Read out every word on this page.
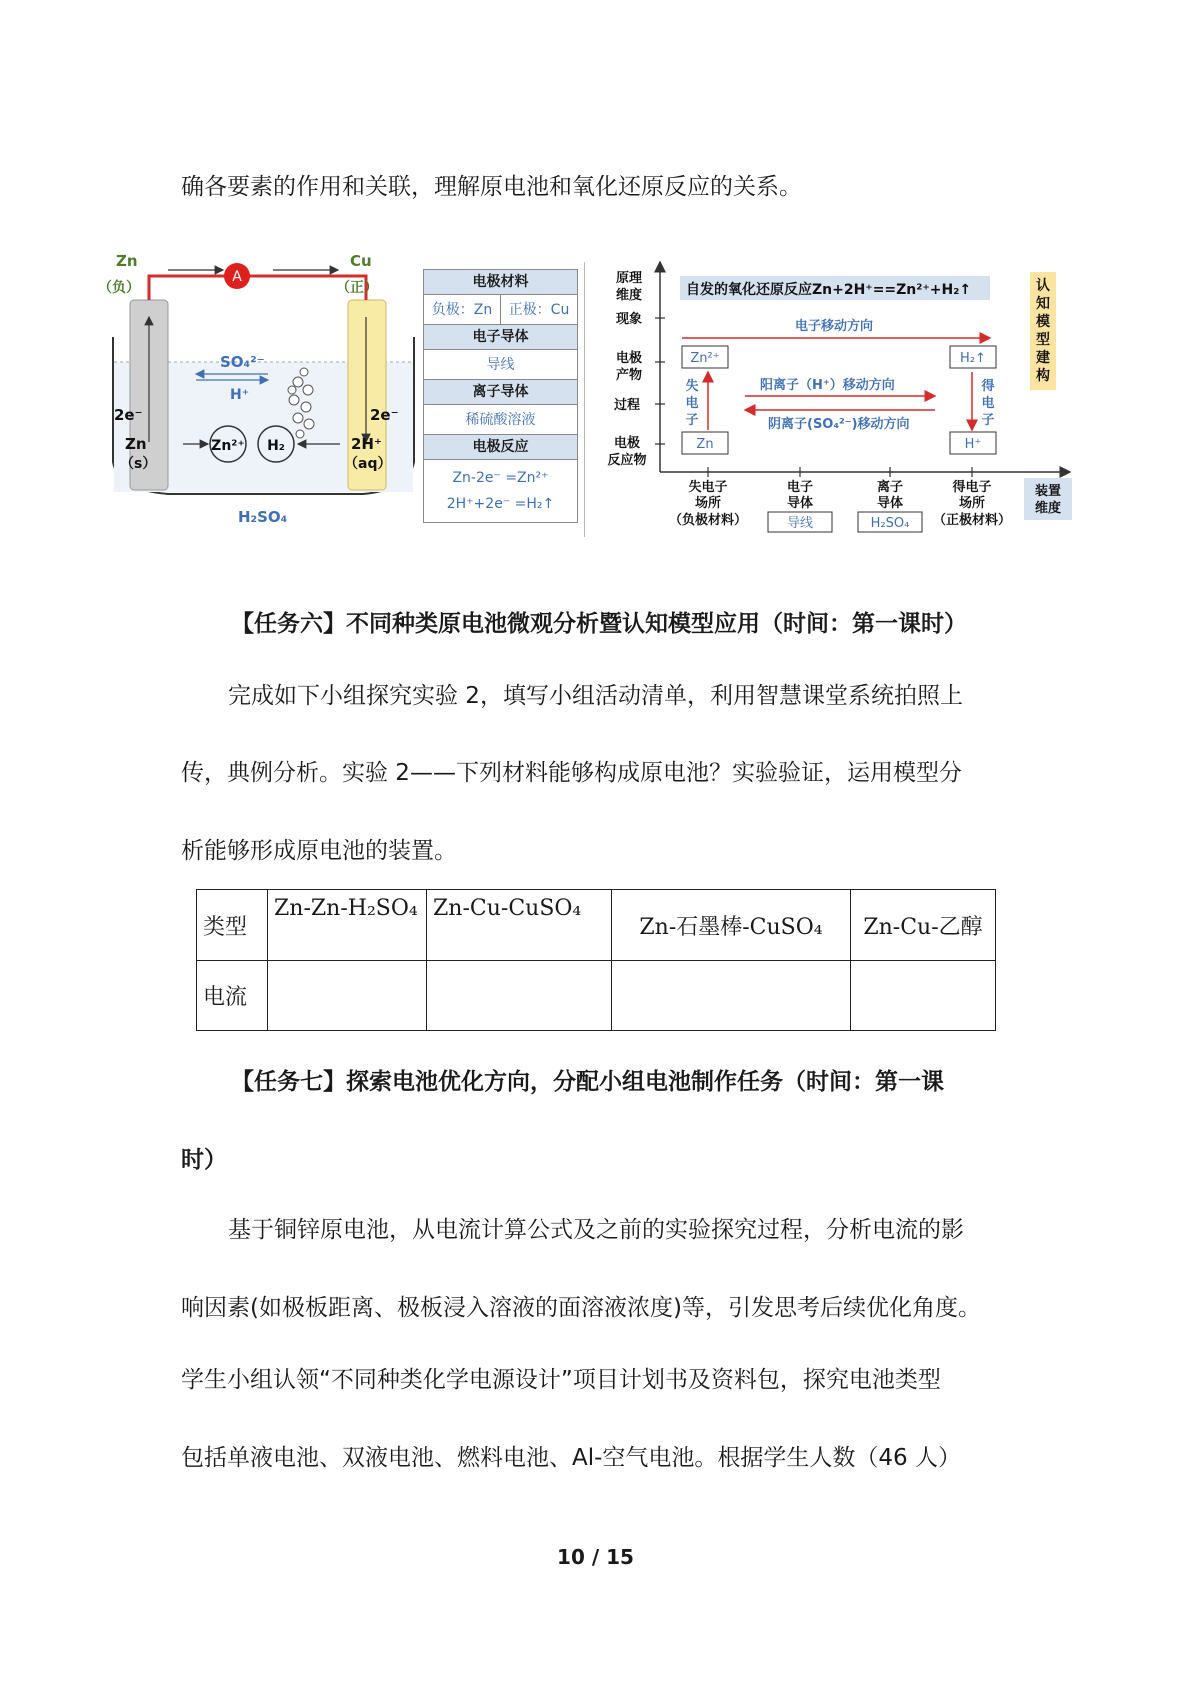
确各要素的作用和关联，理解原电池和氧化还原反应的关系。

A
Zn
（负）
Cu
（正）
SO₄²⁻
H⁺
2e⁻	2e⁻
Zn
（s）
Zn²⁺ H₂	2H⁺
（aq）
H₂SO₄
电极材料
负极：Zn	正极：Cu
电子导体
导线
离子导体
稀硫酸溶液
电极反应
Zn-2e⁻ =Zn²⁺
2H⁺+2e⁻ =H₂↑
原理
维度
现象
电极
产物
过程
电极
反应物
自发的氧化还原反应Zn+2H⁺==Zn²⁺+H₂↑	认
知
模
型
建
构
电子移动方向
Zn²⁺	H₂↑
Zn	H⁺
失
电
子
得
电
子
阳离子（H⁺）移动方向
阴离子(SO₄²⁻)移动方向
失电子
场所
（负极材料）
电子
导体
离子
导体
得电子
场所
（正极材料）
导线	H₂SO₄
装置
维度

【任务六】不同种类原电池微观分析暨认知模型应用（时间：第一课时）

完成如下小组探究实验 2，填写小组活动清单，利用智慧课堂系统拍照上

传，典例分析。实验 2——下列材料能够构成原电池？实验验证，运用模型分

析能够形成原电池的装置。

类型	Zn-Zn-H₂SO₄	Zn-Cu-CuSO₄	Zn-石墨棒-CuSO₄	Zn-Cu-乙醇
电流				

【任务七】探索电池优化方向，分配小组电池制作任务（时间：第一课

时）

基于铜锌原电池，从电流计算公式及之前的实验探究过程，分析电流的影

响因素(如极板距离、极板浸入溶液的面溶液浓度)等，引发思考后续优化角度。

学生小组认领“不同种类化学电源设计”项目计划书及资料包，探究电池类型

包括单液电池、双液电池、燃料电池、Al-空气电池。根据学生人数（46 人）

10 / 15
